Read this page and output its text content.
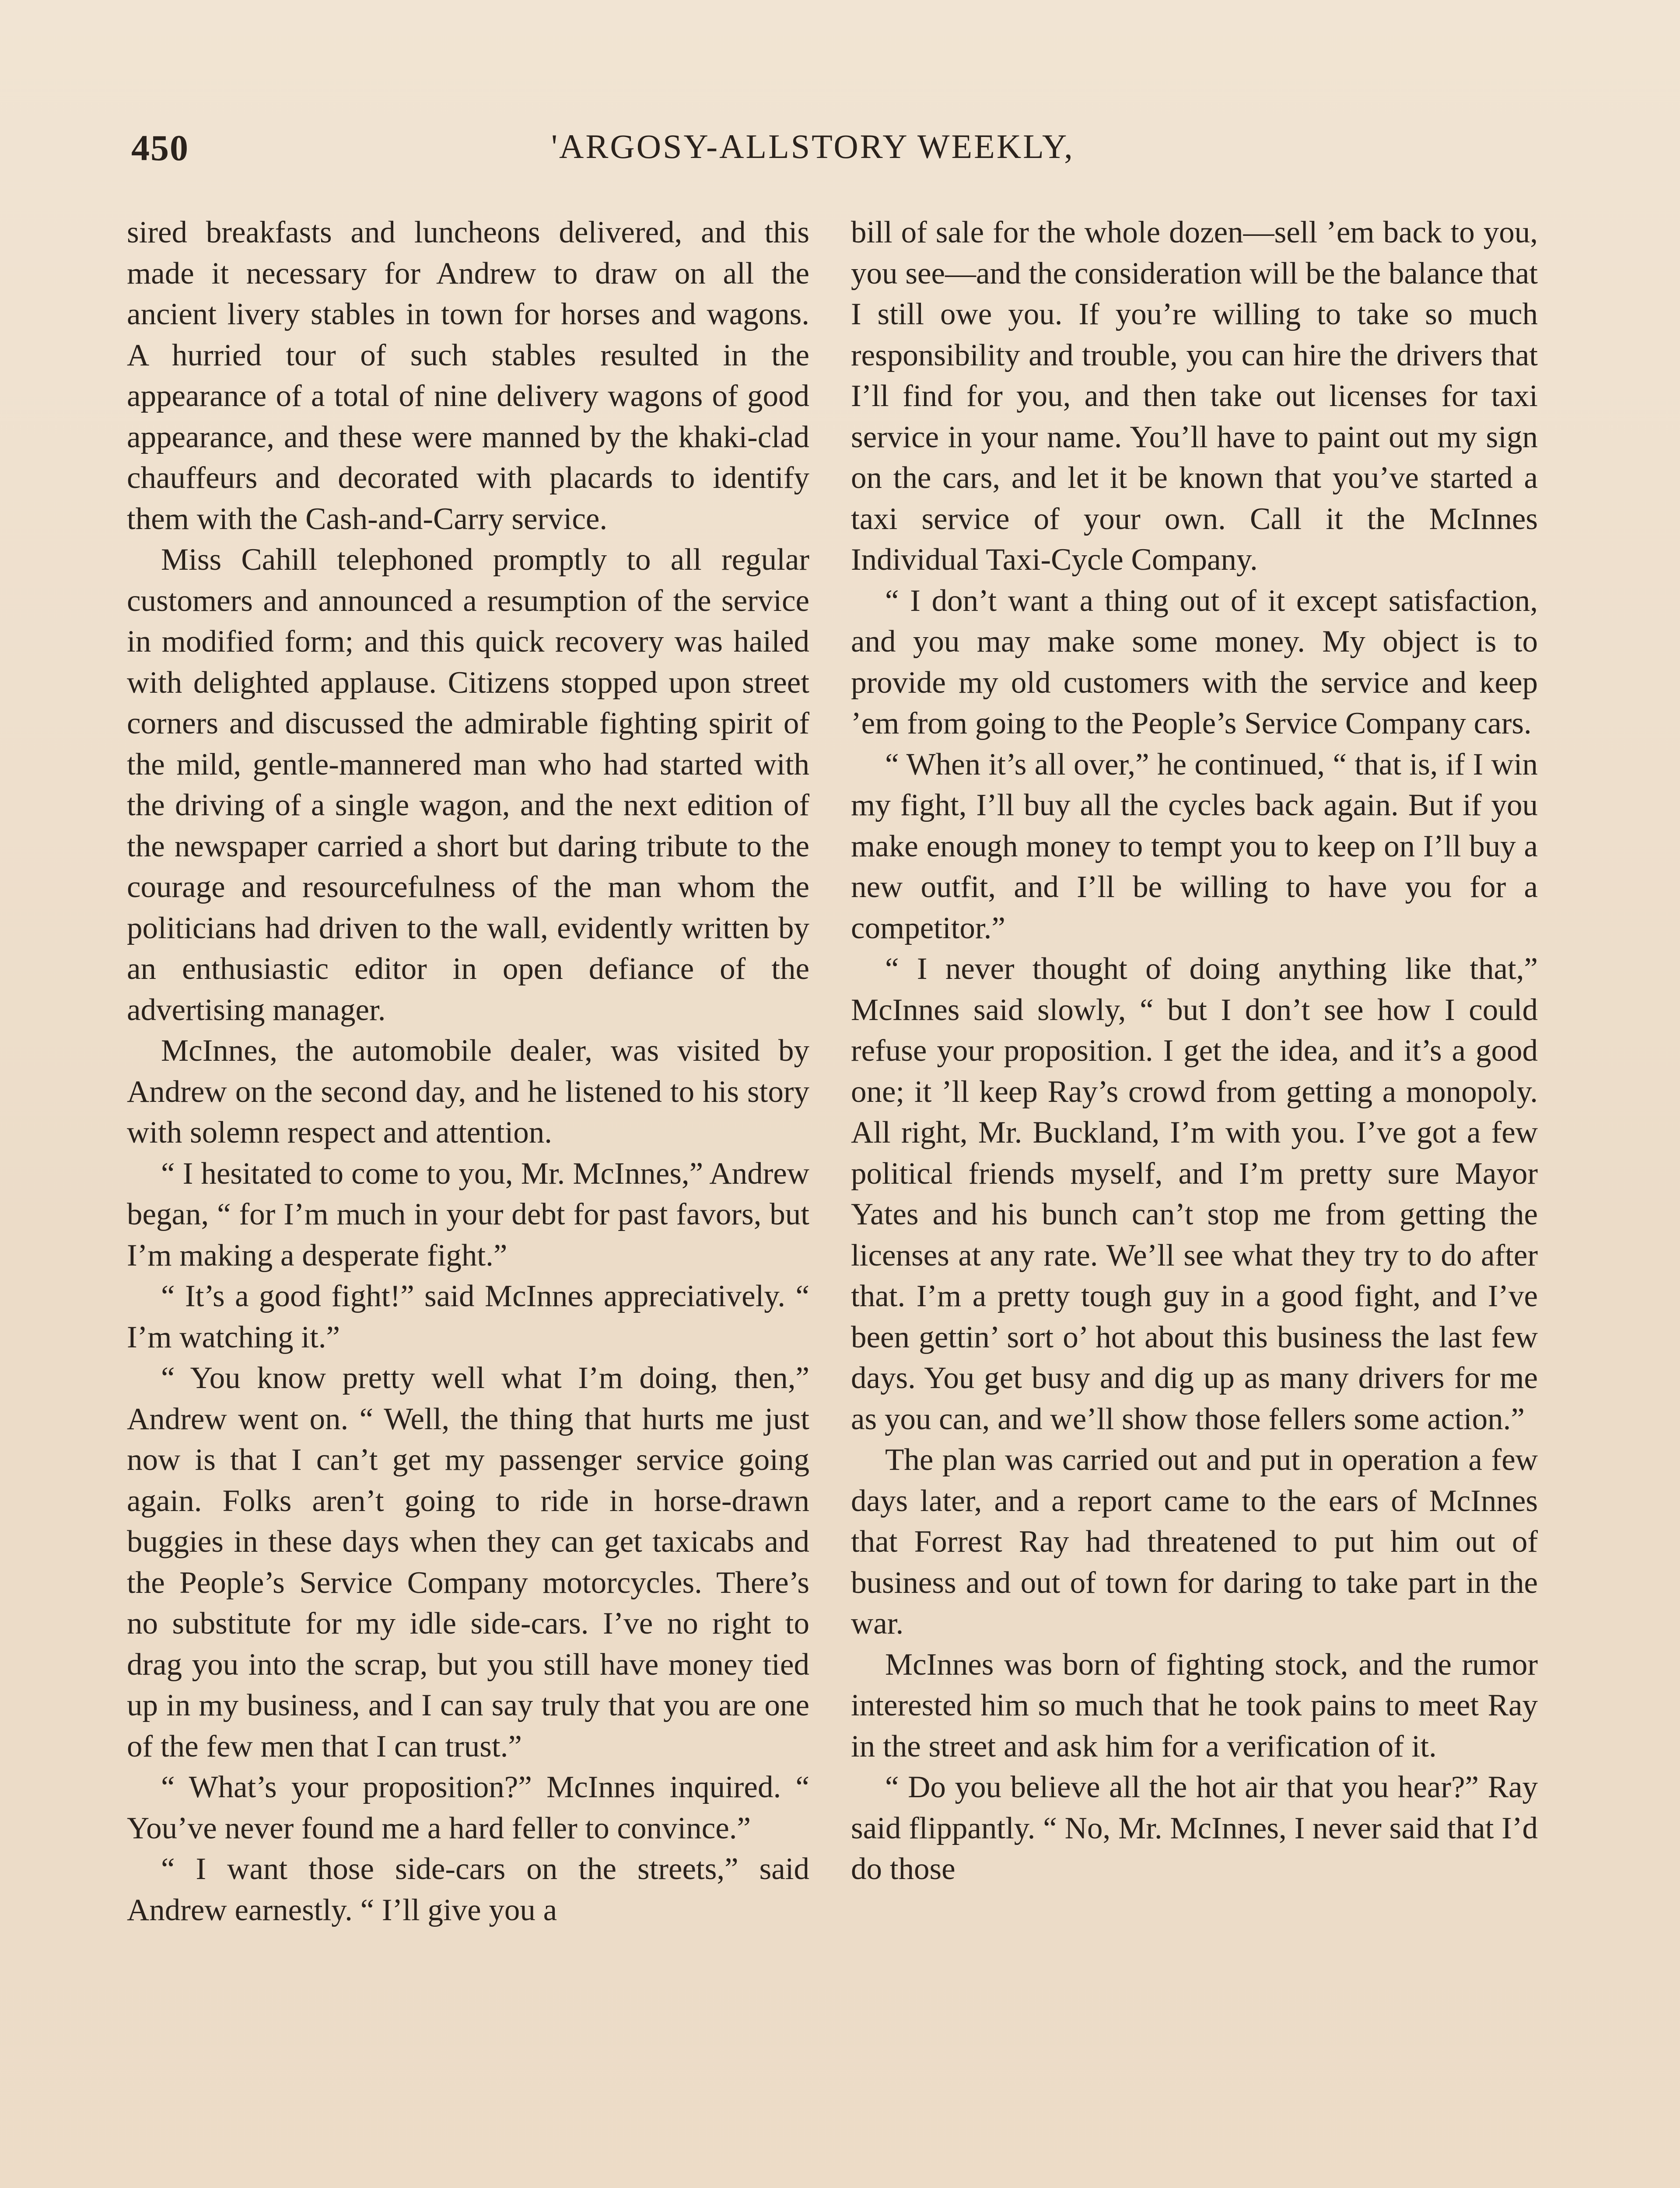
450	'ARGOSY-ALLSTORY WEEKLY,

sired breakfasts and luncheons delivered, and this made it necessary for Andrew to draw on all the ancient livery stables in town for horses and wagons. A hurried tour of such stables resulted in the appearance of a total of nine delivery wagons of good appearance, and these were manned by the khaki-clad chauffeurs and decorated with placards to identify them with the Cash-and-Carry service.

Miss Cahill telephoned promptly to all regular customers and announced a resumption of the service in modified form; and this quick recovery was hailed with delighted applause. Citizens stopped upon street corners and discussed the admirable fighting spirit of the mild, gentle-mannered man who had started with the driving of a single wagon, and the next edition of the newspaper carried a short but daring tribute to the courage and resourcefulness of the man whom the politicians had driven to the wall, evidently written by an enthusiastic editor in open defiance of the advertising manager.

McInnes, the automobile dealer, was visited by Andrew on the second day, and he listened to his story with solemn respect and attention.

“ I hesitated to come to you, Mr. McInnes,” Andrew began, “ for I’m much in your debt for past favors, but I’m making a desperate fight.”

“ It’s a good fight!” said McInnes appreciatively. “ I’m watching it.”

“ You know pretty well what I’m doing, then,” Andrew went on. “ Well, the thing that hurts me just now is that I can’t get my passenger service going again. Folks aren’t going to ride in horse-drawn buggies in these days when they can get taxicabs and the People’s Service Company motorcycles. There’s no substitute for my idle side-cars. I’ve no right to drag you into the scrap, but you still have money tied up in my business, and I can say truly that you are one of the few men that I can trust.”

“ What’s your proposition?” McInnes inquired. “ You’ve never found me a hard feller to convince.”

“ I want those side-cars on the streets,” said Andrew earnestly. “ I’ll give you a

bill of sale for the whole dozen—sell ’em back to you, you see—and the consideration will be the balance that I still owe you. If you’re willing to take so much responsibility and trouble, you can hire the drivers that I’ll find for you, and then take out licenses for taxi service in your name. You’ll have to paint out my sign on the cars, and let it be known that you’ve started a taxi service of your own. Call it the McInnes Individual Taxi-Cycle Company.

“ I don’t want a thing out of it except satisfaction, and you may make some money. My object is to provide my old customers with the service and keep ’em from going to the People’s Service Company cars.

“ When it’s all over,” he continued, “ that is, if I win my fight, I’ll buy all the cycles back again. But if you make enough money to tempt you to keep on I’ll buy a new outfit, and I’ll be willing to have you for a competitor.”

“ I never thought of doing anything like that,” McInnes said slowly, “ but I don’t see how I could refuse your proposition. I get the idea, and it’s a good one; it ’ll keep Ray’s crowd from getting a monopoly. All right, Mr. Buckland, I’m with you. I’ve got a few political friends myself, and I’m pretty sure Mayor Yates and his bunch can’t stop me from getting the licenses at any rate. We’ll see what they try to do after that. I’m a pretty tough guy in a good fight, and I’ve been gettin’ sort o’ hot about this business the last few days. You get busy and dig up as many drivers for me as you can, and we’ll show those fellers some action.”

The plan was carried out and put in operation a few days later, and a report came to the ears of McInnes that Forrest Ray had threatened to put him out of business and out of town for daring to take part in the war.

McInnes was born of fighting stock, and the rumor interested him so much that he took pains to meet Ray in the street and ask him for a verification of it.

“ Do you believe all the hot air that you hear?” Ray said flippantly. “ No, Mr. McInnes, I never said that I’d do those
